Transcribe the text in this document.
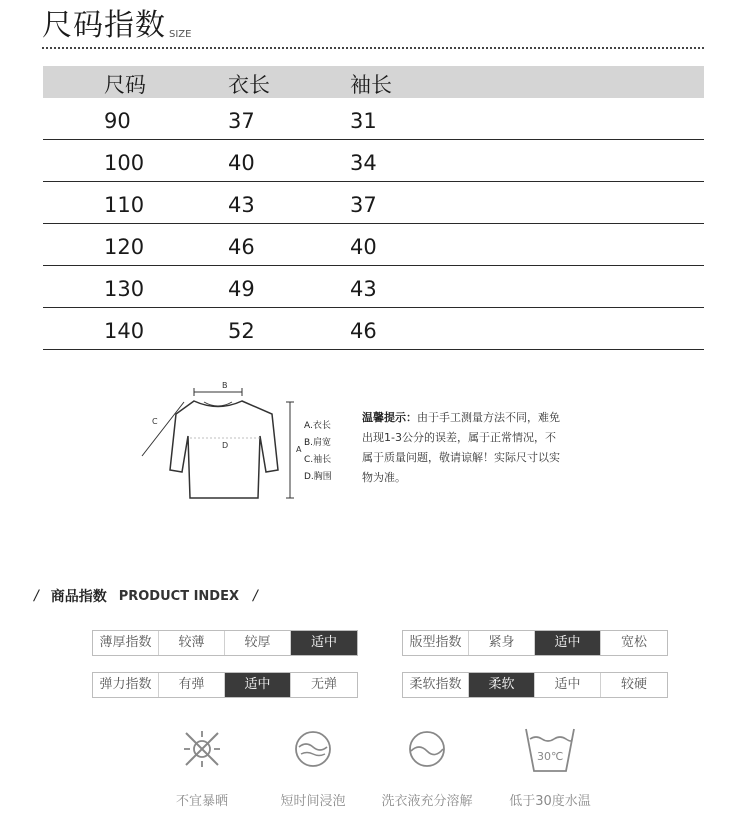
尺码指数 SIZE
尺码	衣长	袖长
90	37	31
100	40	34
110	43	37
120	46	40
130	49	43
140	52	46
B
C
A
D
A.衣长
B.肩宽
C.袖长
D.胸围
温馨提示：由于手工测量方法不同，难免
出现1-3公分的误差，属于正常情况，不
属于质量问题，敬请谅解！实际尺寸以实
物为准。
/ 商品指数 PRODUCT INDEX /
薄厚指数	较薄	较厚	适中	版型指数	紧身	适中	宽松
弹力指数	有弹	适中	无弹	柔软指数	柔软	适中	较硬
不宜暴晒	短时间浸泡	洗衣液充分溶解
30℃
低于30度水温
